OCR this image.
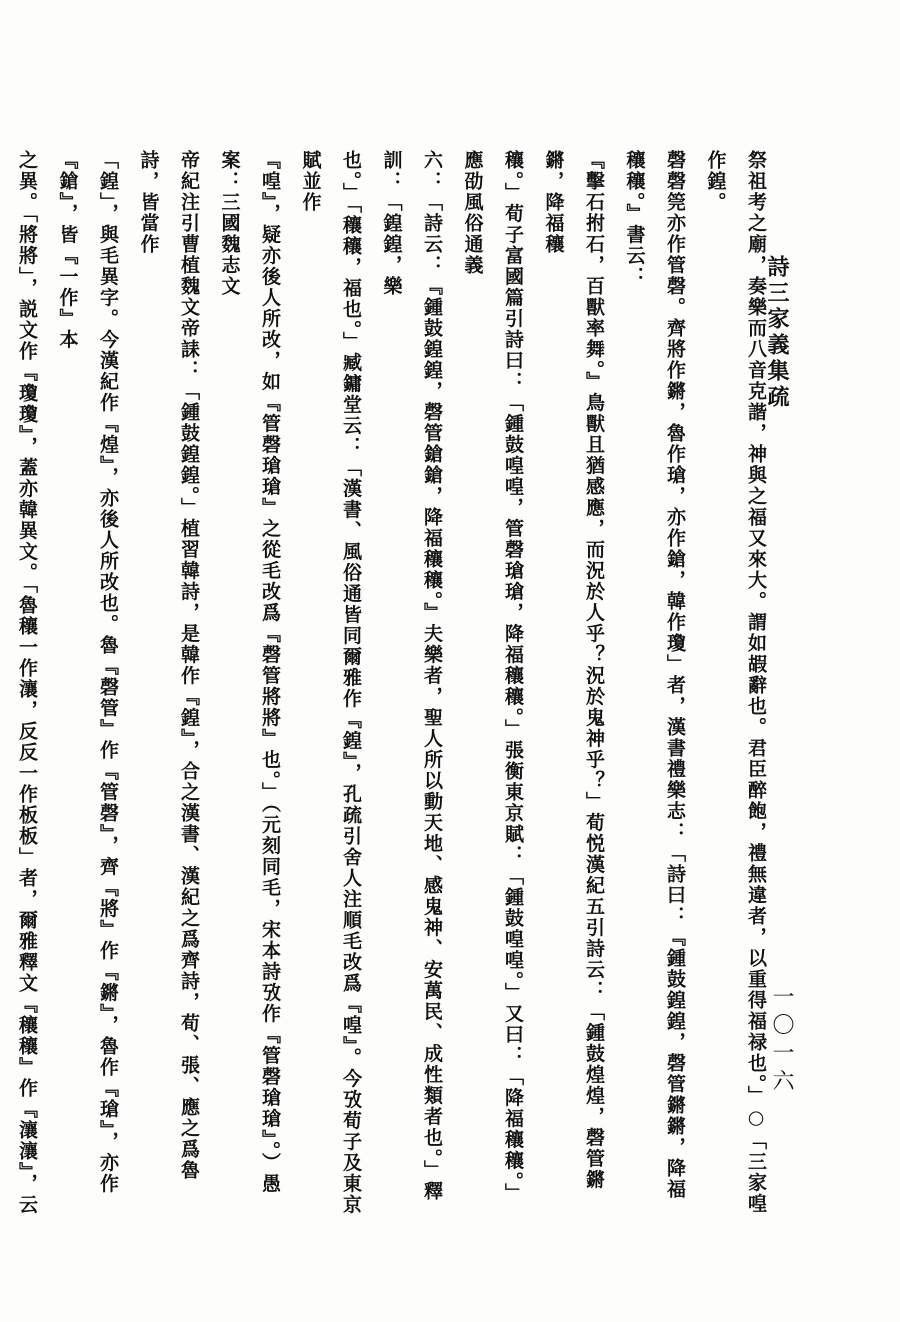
詩三家義集疏
一〇一六

祭祖考之廟，奏樂而八音克諧，神與之福又來大。謂如嘏辭也。君臣醉飽，禮無違者，以重得福禄也。」○「三家喤作鍠。
磬磬筦亦作管磬。齊將作鏘，魯作瑲，亦作鎗，韓作瓊」者，漢書禮樂志：「詩曰：『鍾鼓鍠鍠，磬管鏘鏘，降福穰穰。』書云：
『擊石拊石，百獸率舞。』鳥獸且猶感應，而況於人乎？況於鬼神乎？」荀悦漢紀五引詩云：「鍾鼓煌煌，磬管鏘鏘，降福穰
穰。」荀子富國篇引詩曰：「鍾鼓喤喤，管磬瑲瑲，降福穰穰。」張衡東京賦：「鍾鼓喤喤。」又曰：「降福穰穰。」應劭風俗通義
六：「詩云：『鍾鼓鍠鍠，磬管鎗鎗，降福穰穰。』夫樂者，聖人所以動天地、感鬼神、安萬民、成性類者也。」釋訓：「鍠鍠，樂
也。」「穰穰，福也。」臧鏞堂云：「漢書、風俗通皆同爾雅作『鍠』，孔疏引舍人注順毛改爲『喤』。今攷荀子及東京賦並作
『喤』，疑亦後人所改，如『管磬瑲瑲』之從毛改爲『磬管將將』也。」（元刻同毛，宋本詩攷作『管磬瑲瑲』。）愚案：三國魏志文
帝紀注引曹植魏文帝誄：「鍾鼓鍠鍠。」植習韓詩，是韓作『鍠』，合之漢書、漢紀之爲齊詩，荀、張、應之爲魯詩，皆當作
「鍠」，與毛異字。今漢紀作『煌』，亦後人所改也。魯『磬管』作『管磬』，齊『將』作『鏘』，魯作『瑲』，亦作『鎗』，皆『一作』本
之異。「將將」，説文作『瓊瓊』，蓋亦韓異文。「魯穰一作瀼，反反一作板板」者，爾雅釋文『穰穰』作『瀼瀼』，云
